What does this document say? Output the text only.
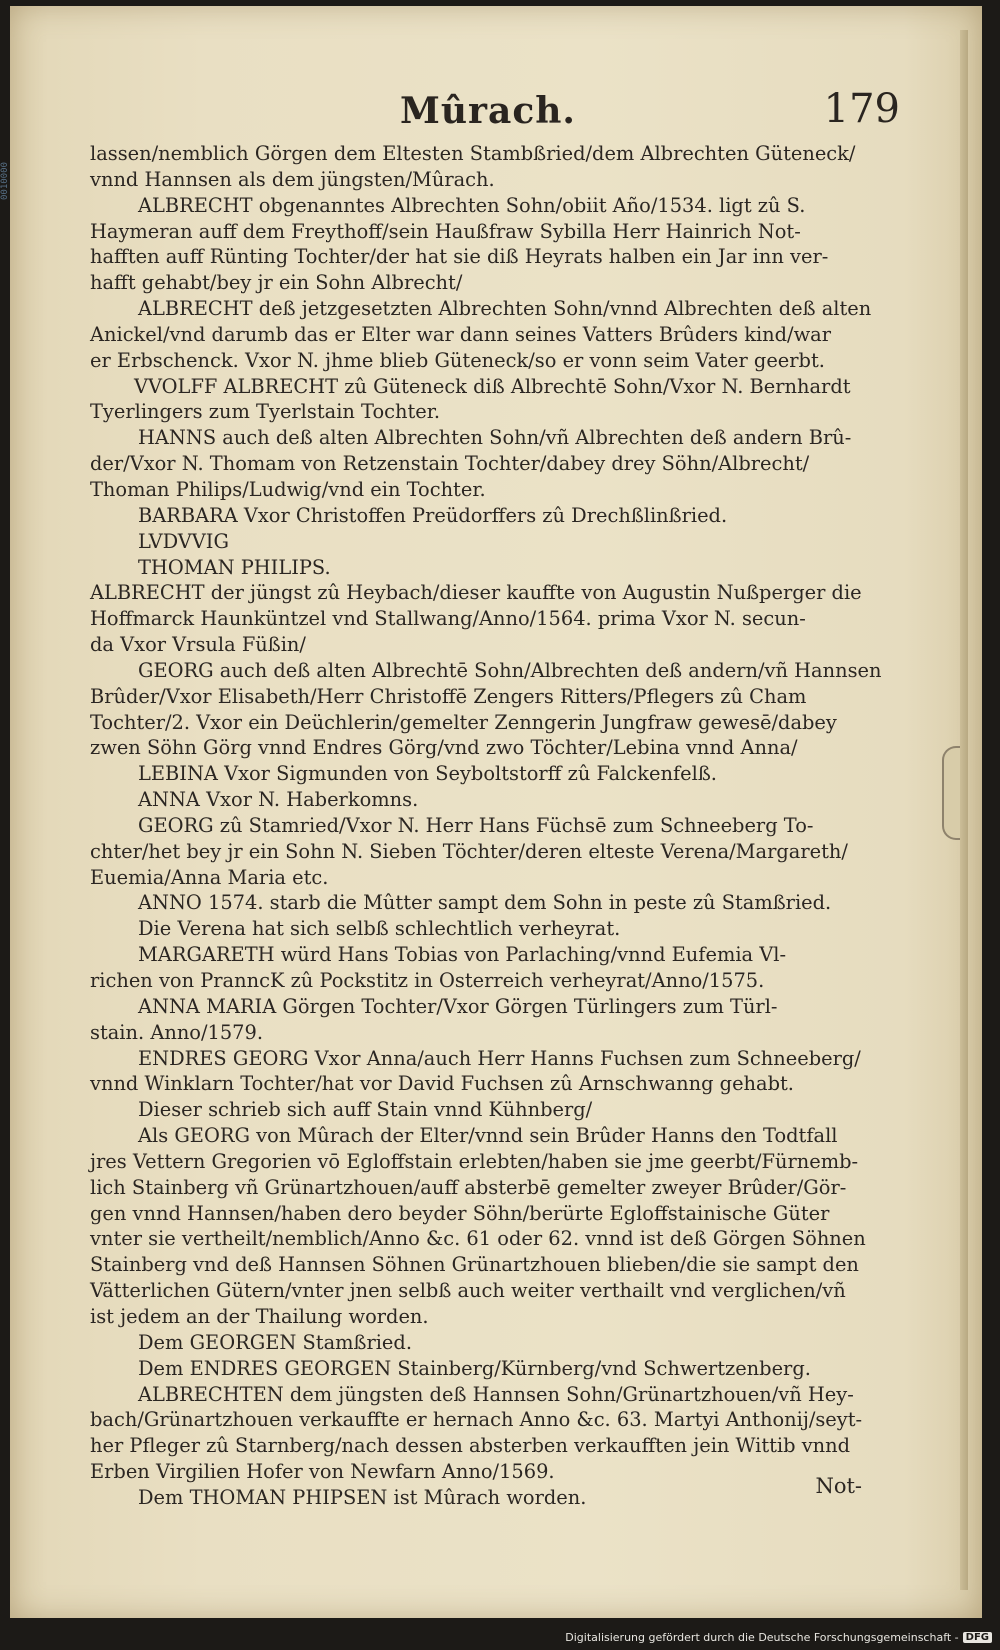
Mûrach.	179
lassen/nemblich Görgen dem Eltesten Stambßried/dem Albrechten Güteneck/
vnnd Hannsen als dem jüngsten/Mûrach.
ALBRECHT obgenanntes Albrechten Sohn/obiit Año/1534. ligt zû S.
Haymeran auff dem Freythoff/sein Haußfraw Sybilla Herr Hainrich Not-
hafften auff Rünting Tochter/der hat sie diß Heyrats halben ein Jar inn ver-
hafft gehabt/bey jr ein Sohn Albrecht/
ALBRECHT deß jetzgesetzten Albrechten Sohn/vnnd Albrechten deß alten
Anickel/vnd darumb das er Elter war dann seines Vatters Brûders kind/war
er Erbschenck. Vxor N. jhme blieb Güteneck/so er vonn seim Vater geerbt.
VVOLFF ALBRECHT zû Güteneck diß Albrechtē Sohn/Vxor N. Bernhardt
Tyerlingers zum Tyerlstain Tochter.
HANNS auch deß alten Albrechten Sohn/vñ Albrechten deß andern Brû-
der/Vxor N. Thomam von Retzenstain Tochter/dabey drey Söhn/Albrecht/
Thoman Philips/Ludwig/vnd ein Tochter.
BARBARA Vxor Christoffen Preüdorffers zû Drechßlinßried.
LVDVVIG
THOMAN PHILIPS.
ALBRECHT der jüngst zû Heybach/dieser kauffte von Augustin Nußperger die
Hoffmarck Haunküntzel vnd Stallwang/Anno/1564. prima Vxor N. secun-
da Vxor Vrsula Füßin/
GEORG auch deß alten Albrechtē Sohn/Albrechten deß andern/vñ Hannsen
Brûder/Vxor Elisabeth/Herr Christoffē Zengers Ritters/Pflegers zû Cham
Tochter/2. Vxor ein Deüchlerin/gemelter Zenngerin Jungfraw gewesē/dabey
zwen Söhn Görg vnnd Endres Görg/vnd zwo Töchter/Lebina vnnd Anna/
LEBINA Vxor Sigmunden von Seyboltstorff zû Falckenfelß.
ANNA Vxor N. Haberkomns.
GEORG zû Stamried/Vxor N. Herr Hans Füchsē zum Schneeberg To-
chter/het bey jr ein Sohn N. Sieben Töchter/deren elteste Verena/Margareth/
Euemia/Anna Maria etc.
ANNO 1574. starb die Mûtter sampt dem Sohn in peste zû Stamßried.
Die Verena hat sich selbß schlechtlich verheyrat.
MARGARETH würd Hans Tobias von Parlaching/vnnd Eufemia Vl-
richen von PranncK zû Pockstitz in Osterreich verheyrat/Anno/1575.
ANNA MARIA Görgen Tochter/Vxor Görgen Türlingers zum Türl-
stain. Anno/1579.
ENDRES GEORG Vxor Anna/auch Herr Hanns Fuchsen zum Schneeberg/
vnnd Winklarn Tochter/hat vor David Fuchsen zû Arnschwanng gehabt.
Dieser schrieb sich auff Stain vnnd Kühnberg/
Als GEORG von Mûrach der Elter/vnnd sein Brûder Hanns den Todtfall
jres Vettern Gregorien vō Egloffstain erlebten/haben sie jme geerbt/Fürnemb-
lich Stainberg vñ Grünartzhouen/auff absterbē gemelter zweyer Brûder/Gör-
gen vnnd Hannsen/haben dero beyder Söhn/berürte Egloffstainische Güter
vnter sie vertheilt/nemblich/Anno &c. 61 oder 62. vnnd ist deß Görgen Söhnen
Stainberg vnd deß Hannsen Söhnen Grünartzhouen blieben/die sie sampt den
Vätterlichen Gütern/vnter jnen selbß auch weiter verthailt vnd verglichen/vñ
ist jedem an der Thailung worden.
Dem GEORGEN Stamßried.
Dem ENDRES GEORGEN Stainberg/Kürnberg/vnd Schwertzenberg.
ALBRECHTEN dem jüngsten deß Hannsen Sohn/Grünartzhouen/vñ Hey-
bach/Grünartzhouen verkauffte er hernach Anno &c. 63. Martyi Anthonij/seyt-
her Pfleger zû Starnberg/nach dessen absterben verkaufften jein Wittib vnnd
Erben Virgilien Hofer von Newfarn Anno/1569.
Dem THOMAN PHIPSEN ist Mûrach worden.	Not-
0010000
Digitalisierung gefördert durch die Deutsche Forschungsgemeinschaft - DFG
